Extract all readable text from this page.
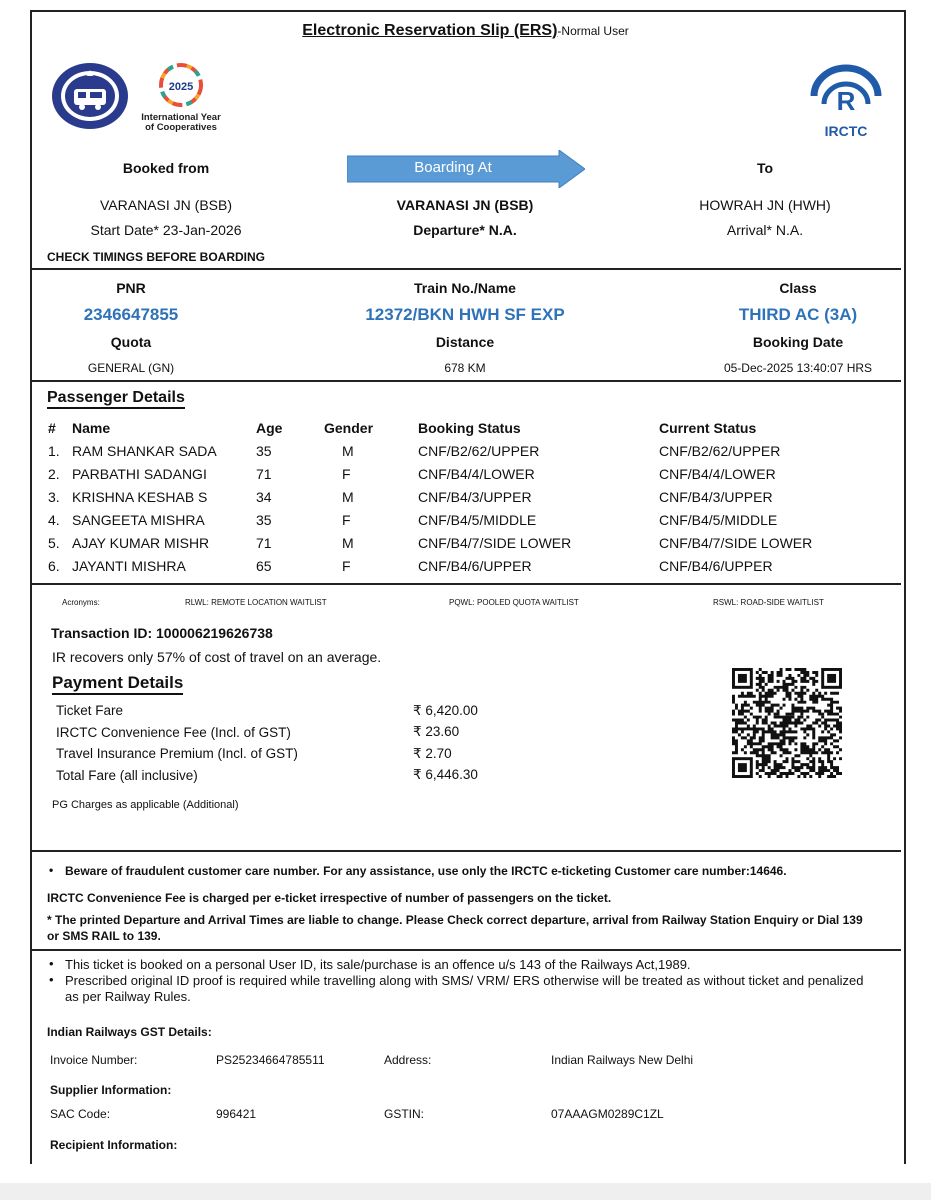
Electronic Reservation Slip (ERS)-Normal User
2025
International Year
of Cooperatives
R
IRCTC
Booked from	Boarding At	To
VARANASI JN (BSB)	VARANASI JN (BSB)	HOWRAH JN (HWH)
Start Date* 23-Jan-2026	Departure* N.A.	Arrival* N.A.
CHECK TIMINGS BEFORE BOARDING
PNR	Train No./Name	Class
2346647855	12372/BKN HWH SF EXP	THIRD AC (3A)
Quota	Distance	Booking Date
GENERAL (GN)	678 KM	05-Dec-2025 13:40:07 HRS
Passenger Details
#	Name	Age	Gender	Booking Status	Current Status
1.	RAM SHANKAR SADA	35	M	CNF/B2/62/UPPER	CNF/B2/62/UPPER
2.	PARBATHI SADANGI	71	F	CNF/B4/4/LOWER	CNF/B4/4/LOWER
3.	KRISHNA KESHAB S	34	M	CNF/B4/3/UPPER	CNF/B4/3/UPPER
4.	SANGEETA MISHRA	35	F	CNF/B4/5/MIDDLE	CNF/B4/5/MIDDLE
5.	AJAY KUMAR MISHR	71	M	CNF/B4/7/SIDE LOWER	CNF/B4/7/SIDE LOWER
6.	JAYANTI MISHRA	65	F	CNF/B4/6/UPPER	CNF/B4/6/UPPER
Acronyms:	RLWL: REMOTE LOCATION WAITLIST	PQWL: POOLED QUOTA WAITLIST	RSWL: ROAD-SIDE WAITLIST
Transaction ID: 100006219626738
IR recovers only 57% of cost of travel on an average.
Payment Details
Ticket Fare	₹ 6,420.00
IRCTC Convenience Fee (Incl. of GST)	₹ 23.60
Travel Insurance Premium (Incl. of GST)	₹ 2.70
Total Fare (all inclusive)	₹ 6,446.30
PG Charges as applicable (Additional)
• Beware of fraudulent customer care number. For any assistance, use only the IRCTC e-ticketing Customer care number:14646.
IRCTC Convenience Fee is charged per e-ticket irrespective of number of passengers on the ticket.
* The printed Departure and Arrival Times are liable to change. Please Check correct departure, arrival from Railway Station Enquiry or Dial 139 or SMS RAIL to 139.
• This ticket is booked on a personal User ID, its sale/purchase is an offence u/s 143 of the Railways Act,1989.
• Prescribed original ID proof is required while travelling along with SMS/ VRM/ ERS otherwise will be treated as without ticket and penalized as per Railway Rules.
Indian Railways GST Details:
Invoice Number:	PS25234664785511	Address:	Indian Railways New Delhi
Supplier Information:
SAC Code:	996421	GSTIN:	07AAAGM0289C1ZL
Recipient Information:
